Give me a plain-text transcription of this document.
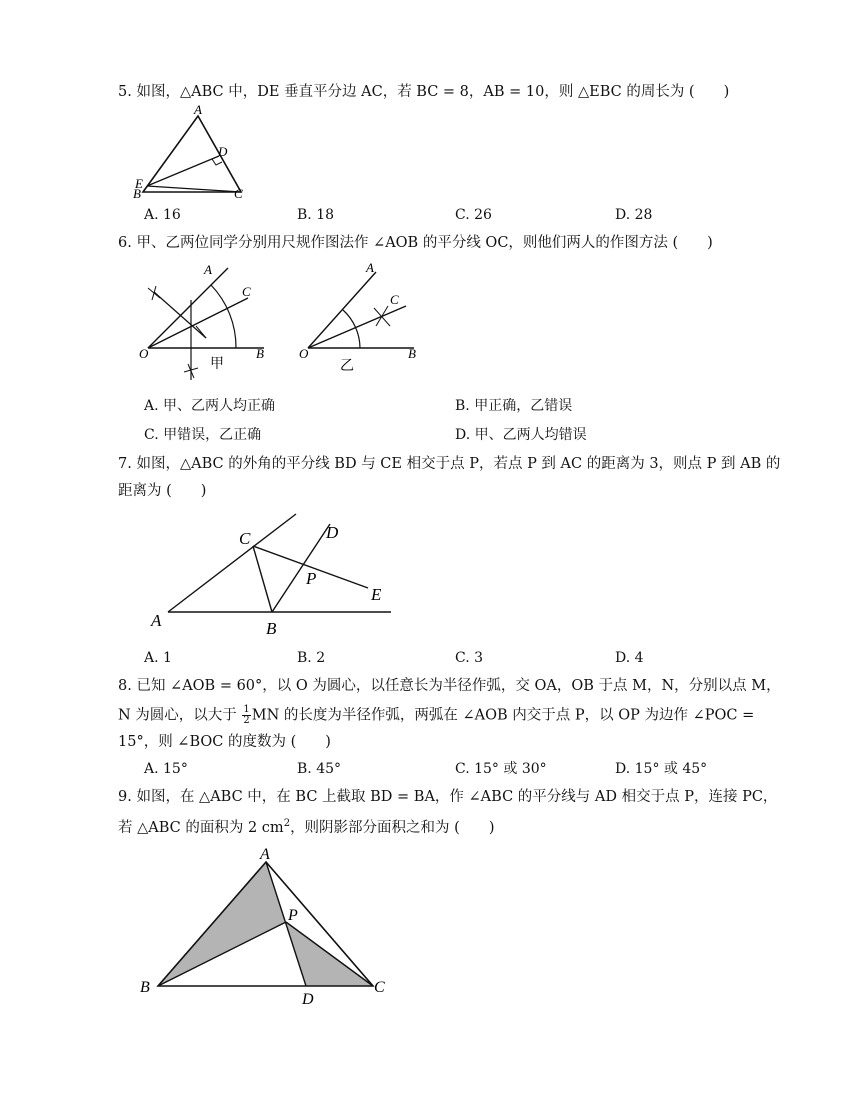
5. 如图，△ABC 中，DE 垂直平分边 AC，若 BC = 8，AB = 10，则 △EBC 的周长为 (　　)
A
D
E
B	C
A. 16	B. 18	C. 26	D. 28
6. 甲、乙两位同学分别用尺规作图法作 ∠AOB 的平分线 OC，则他们两人的作图方法 (　　)
A
C
O	B
甲
A
C
O	B
乙
A. 甲、乙两人均正确	B. 甲正确，乙错误
C. 甲错误，乙正确	D. 甲、乙两人均错误
7. 如图，△ABC 的外角的平分线 BD 与 CE 相交于点 P，若点 P 到 AC 的距离为 3，则点 P 到 AB 的
距离为 (　　)
C	D
P
E
A	B
A. 1	B. 2	C. 3	D. 4
8. 已知 ∠AOB = 60°，以 O 为圆心，以任意长为半径作弧，交 OA，OB 于点 M，N，分别以点 M，
N 为圆心，以大于 $\frac{1}{2}$ MN 的长度为半径作弧，两弧在 ∠AOB 内交于点 P，以 OP 为边作 ∠POC =
15°，则 ∠BOC 的度数为 (　　)
A. 15°	B. 45°	C. 15° 或 30°	D. 15° 或 45°
9. 如图，在 △ABC 中，在 BC 上截取 BD = BA，作 ∠ABC 的平分线与 AD 相交于点 P，连接 PC，
若 △ABC 的面积为 2 $cm^2$，则阴影部分面积之和为 (　　)
A
P
B
D
C
